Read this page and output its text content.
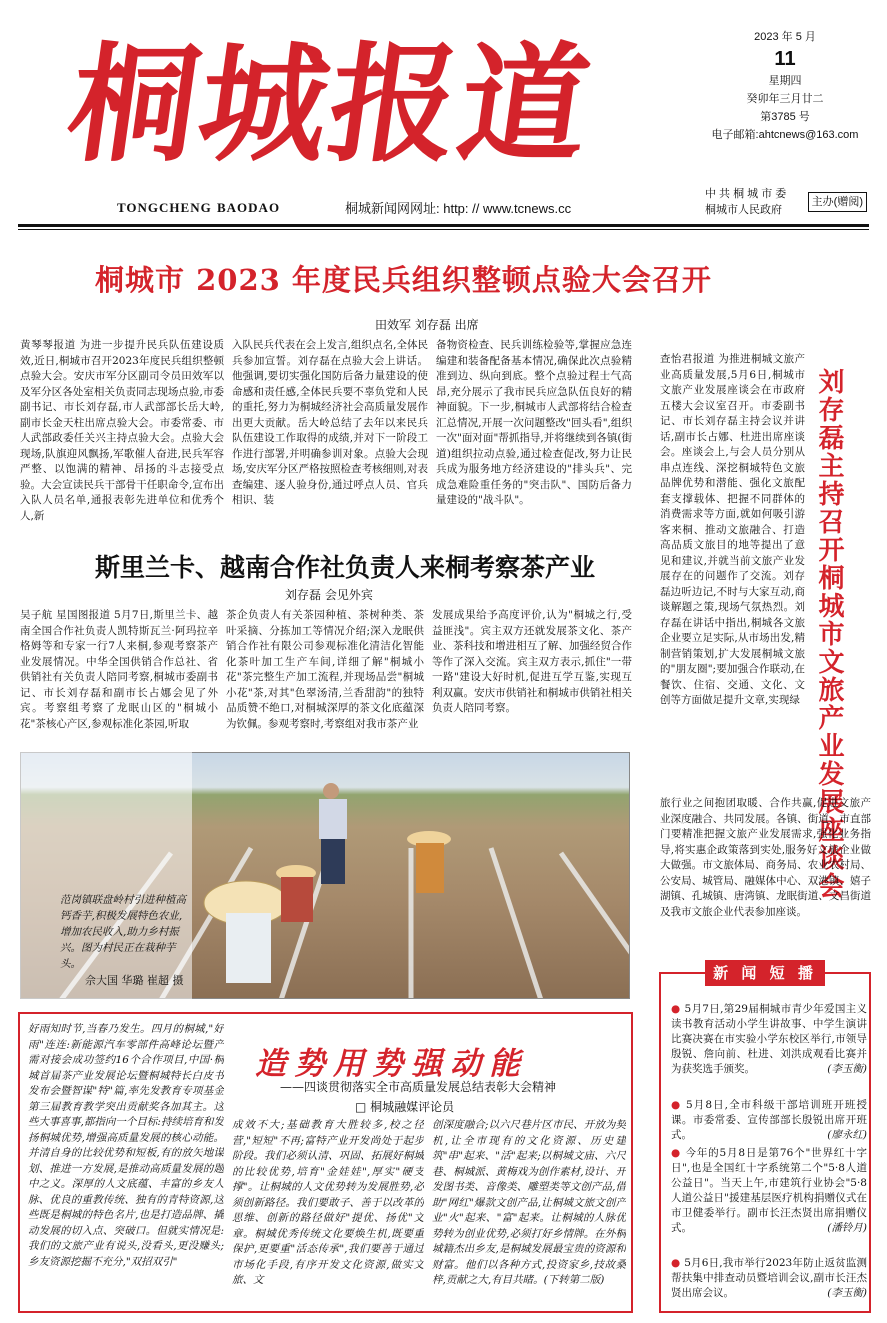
桐城报道
TONGCHENG BAODAO	桐城新闻网网址: http: // www.tcnews.cc
2023 年 5 月
11
星期四
癸卯年三月廿二
第3785 号
电子邮箱:ahtcnews@163.com
中 共 桐 城 市 委
桐城市人民政府
主办(赠阅)
桐城市 2023 年度民兵组织整顿点验大会召开
田效军 刘存磊 出席
黄琴琴报道 为进一步提升民兵队伍建设质效,近日,桐城市召开2023年度民兵组织整顿点验大会。安庆市军分区副司令员田效军以及军分区各处室相关负责同志现场点验,市委副书记、市长刘存磊,市人武部部长岳大岭,副市长金天柱出席点验大会。市委常委、市人武部政委任关兴主持点验大会。点验大会现场,队旗迎风飘扬,军歌催人奋进,民兵军容严整、以饱满的精神、昂扬的斗志接受点验。大会宣读民兵干部骨干任职命令,宣布出入队人员名单,通报表彰先进单位和优秀个人,新
入队民兵代表在会上发言,组织点名,全体民兵参加宣誓。刘存磊在点验大会上讲话。他强调,要切实强化国防后备力量建设的使命感和责任感,全体民兵要不辜负党和人民的重托,努力为桐城经济社会高质量发展作出更大贡献。岳大岭总结了去年以来民兵队伍建设工作取得的成绩,并对下一阶段工作进行部署,并明确参训对象。点验大会现场,安庆军分区严格按照检查考核细则,对表查编建、逐人验身份,通过呼点人员、官兵相识、装
备物资检查、民兵训练检验等,掌握应急连编建和装备配备基本情况,确保此次点验精准到边、纵向到底。整个点验过程士气高昂,充分展示了我市民兵应急队伍良好的精神面貌。下一步,桐城市人武部将结合检查汇总情况,开展一次问题整改"回头看",组织一次"面对面"帮抓指导,并将继续到各镇(街道)组织拉动点验,通过检查促改,努力让民兵成为服务地方经济建设的"排头兵"、完成急难险重任务的"突击队"、国防后备力量建设的"战斗队"。
斯里兰卡、越南合作社负责人来桐考察茶产业
刘存磊 会见外宾
吴子航 星国图报道 5月7日,斯里兰卡、越南全国合作社负责人凯特斯瓦兰·阿玛拉辛格姆等和专家一行7人来桐,参观考察茶产业发展情况。中华全国供销合作总社、省供销社有关负责人陪同考察,桐城市委副书记、市长刘存磊和副市长占娜会见了外宾。考察组考察了龙眠山区的"桐城小花"茶核心产区,参观标准化茶园,听取
茶企负责人有关茶园种植、茶树种类、茶叶采摘、分拣加工等情况介绍;深入龙眠供销合作社有限公司参观标准化清洁化智能化茶叶加工生产车间,详细了解"桐城小花"茶完整生产加工流程,并现场品尝"桐城小花"茶,对其"色翠汤清,兰香甜韵"的独特品质赞不绝口,对桐城深厚的茶文化底蕴深为钦佩。参观考察时,考察组对我市茶产业
发展成果给予高度评价,认为"桐城之行,受益匪浅"。宾主双方还就发展茶文化、茶产业、茶科技和增进相互了解、加强经贸合作等作了深入交流。宾主双方表示,抓住"一带一路"建设大好时机,促进互学互鉴,实现互利双赢。安庆市供销社和桐城市供销社相关负责人陪同考察。
范岗镇联盘岭村引进种植高钙香芋,积极发展特色农业,增加农民收入,助力乡村振兴。图为村民正在栽种芋头。
佘大国 华璐 崔超 摄
查怡君报道 为推进桐城文旅产业高质量发展,5月6日,桐城市文旅产业发展座谈会在市政府五楼大会议室召开。市委副书记、市长刘存磊主持会议并讲话,副市长占娜、杜进出席座谈会。座谈会上,与会人员分别从串点连线、深挖桐城特色文旅品牌优势和潜能、强化文旅配套支撑载体、把握不同群体的消费需求等方面,就如何吸引游客来桐、推动文旅融合、打造高品质文旅目的地等提出了意见和建议,并就当前文旅产业发展存在的问题作了交流。刘存磊边听边记,不时与大家互动,商谈解题之策,现场气氛热烈。刘存磊在讲话中指出,桐城各文旅企业要立足实际,从市场出发,精制营销策划,扩大发展桐城文旅的"朋友圈";要加强合作联动,在餐饮、住宿、交通、文化、文创等方面做足提升文章,实现绿 刘存磊主持召开桐城市文旅产业发展座谈会
旅行业之间抱团取暖、合作共赢,促进文旅产业深度融合、共同发展。各镇、街道、市直部门要精准把握文旅产业发展需求,强化业务指导,将实惠企政策落到实处,服务好文旅企业做大做强。市文旅体局、商务局、农业农村局、公安局、城管局、融媒体中心、双港镇、嬉子湖镇、孔城镇、唐湾镇、龙眠街道、文昌街道及我市文旅企业代表参加座谈。
造势用势强动能
——四谈贯彻落实全市高质量发展总结表彰大会精神
□ 桐城融媒评论员
好雨知时节,当春乃发生。四月的桐城,"好雨"连连:新能源汽车零部件高峰论坛暨产需对接会成功签约16个合作项目,中国·桐城首届茶产业发展论坛暨桐城特长白皮书发布会暨智谋"特"篇,率先发教育专项基金第三届教育教学突出贡献奖各加其主。这些大事喜事,都指向一个目标:持续培育和发扬桐城优势,增强高质量发展的核心动能。并清自身的比较优势和短板,有的放矢地谋划、推进一方发展,是推动高质量发展的题中之义。深厚的人文底蕴、丰富的乡友人脉、优良的重教传统、独有的青特资源,这些既是桐城的特色名片,也是打造品牌、撬动发展的切入点、突破口。但就实情况是:我们的文旅产业有说头,没看头,更没赚头;乡友资源挖掘不充分,"双招双引"
成效不大;基础教育大胜较多,校之径营,"短短"不再;富特产业开发尚处于起步阶段。我们必须认清、巩固、拓展好桐城的比较优势,培育"金娃娃",厚实"硬支撑"。让桐城的人文优势转为发展胜势,必须创新路径。我们要敢子、善于以改革的思维、创新的路径做好"提优、扬优"文章。桐城优秀传统文化要焕生机,既要重保护,更要重"活态传承",我们要善于通过市场化手段,有序开发文化资源,做实文旅、文
创深度融合;以六尺巷片区市民、开放为契机,让全市现有的文化资源、历史建筑"串"起来、"活"起来;以桐城文庙、六尺巷、桐城派、黄梅戏为创作素材,设计、开发图书类、音像类、雕塑类等文创产品,借助"网红"爆款文创产品,让桐城文旅文创产业"火"起来、"富"起来。让桐城的人脉优势转为创业优势,必须打好乡情牌。在外桐城籍杰出乡友,是桐城发展最宝贵的资源和财富。他们以各种方式,投资家乡,技故桑梓,贡献之大,有目共睹。(下转第二版)
● 5月7日,第29届桐城市青少年爱国主义读书教育活动小学生讲故事、中学生演讲比赛决赛在市实验小学东校区举行,市领导殷锐、詹向前、杜进、刘洪成观看比赛并为获奖选手颁奖。	(李玉衡)
● 5月8日,全市科级干部培训班开班授课。市委常委、宣传部部长殷锐出席开班式。	(廖永红)
● 今年的5月8日是第76个"世界红十字日",也是全国红十字系统第二个"5·8人道公益日"。当天上午,市建筑行业协会"5·8人道公益日"援建基层医疗机构捐赠仪式在市卫健委举行。副市长汪杰贤出席捐赠仪式。	(潘铃月)
● 5月6日,我市举行2023年防止返贫监测帮扶集中排查动员暨培训会议,副市长汪杰贤出席会议。	(李玉衡)
新 闻 短 播
